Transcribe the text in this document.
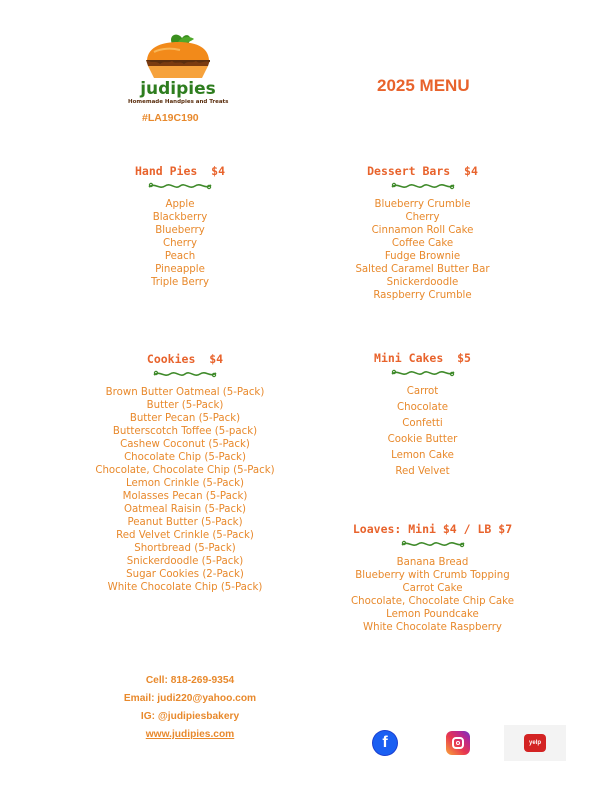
judipies
Homemade Handpies and Treats
#LA19C190
2025 MENU
Hand Pies  $4
Apple
Blackberry
Blueberry
Cherry
Peach
Pineapple
Triple Berry
Dessert Bars  $4
Blueberry Crumble
Cherry
Cinnamon Roll Cake
Coffee Cake
Fudge Brownie
Salted Caramel Butter Bar
Snickerdoodle
Raspberry Crumble
Cookies  $4
Brown Butter Oatmeal (5-Pack)
Butter (5-Pack)
Butter Pecan (5-Pack)
Butterscotch Toffee (5-pack)
Cashew Coconut (5-Pack)
Chocolate Chip (5-Pack)
Chocolate, Chocolate Chip (5-Pack)
Lemon Crinkle (5-Pack)
Molasses Pecan (5-Pack)
Oatmeal Raisin (5-Pack)
Peanut Butter (5-Pack)
Red Velvet Crinkle (5-Pack)
Shortbread (5-Pack)
Snickerdoodle (5-Pack)
Sugar Cookies (2-Pack)
White Chocolate Chip (5-Pack)
Mini Cakes  $5
Carrot
Chocolate
Confetti
Cookie Butter
Lemon Cake
Red Velvet
Loaves: Mini $4 / LB $7
Banana Bread
Blueberry with Crumb Topping
Carrot Cake
Chocolate, Chocolate Chip Cake
Lemon Poundcake
White Chocolate Raspberry
Cell: 818-269-9354
Email: judi220@yahoo.com
IG: @judipiesbakery
www.judipies.com	f	yelp
